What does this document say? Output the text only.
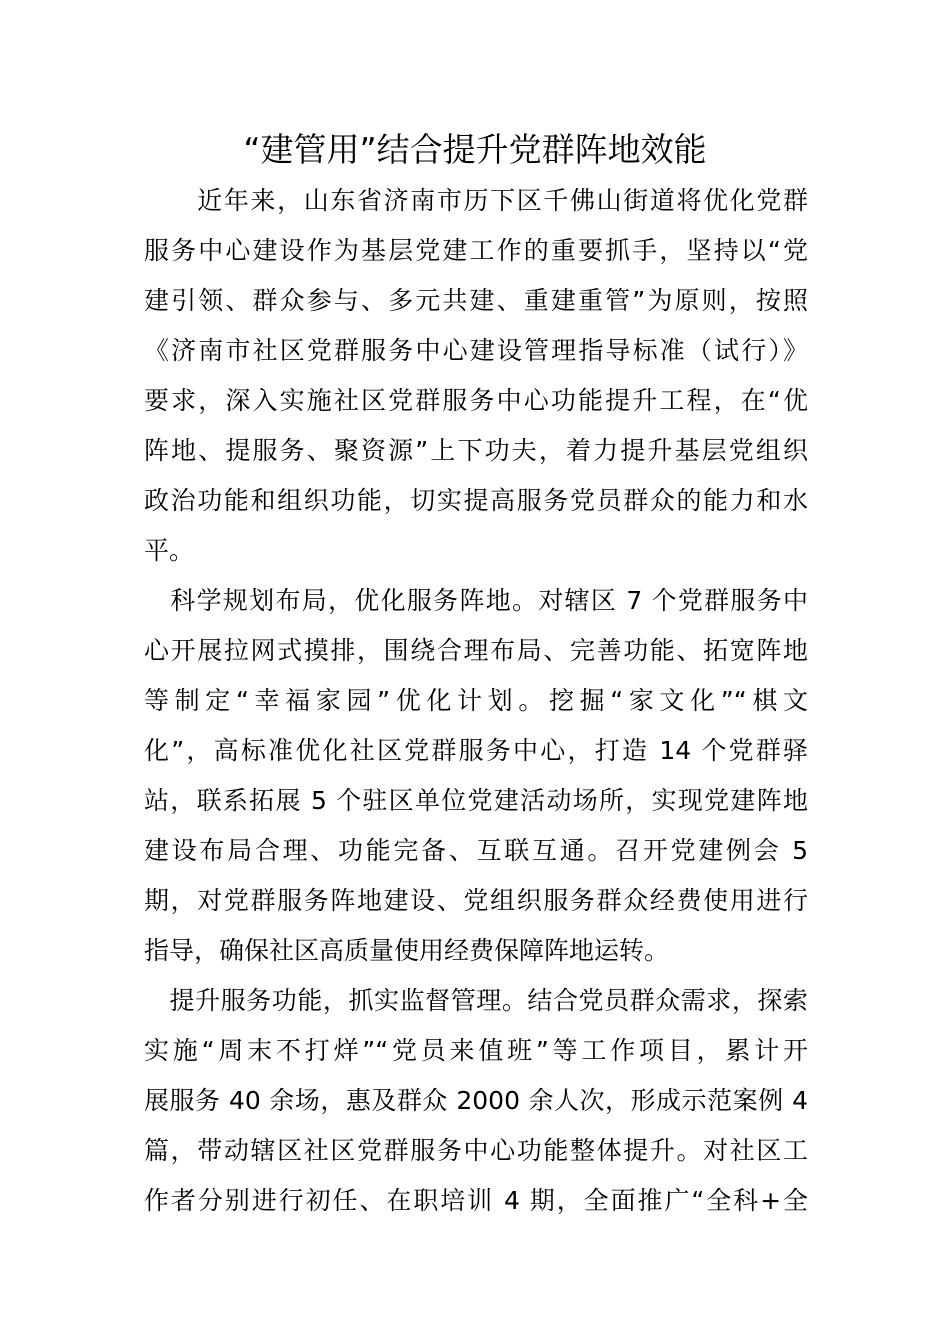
“建管用”结合提升党群阵地效能
　　近年来，山东省济南市历下区千佛山街道将优化党群
服务中心建设作为基层党建工作的重要抓手，坚持以“党
建引领、群众参与、多元共建、重建重管”为原则，按照
《济南市社区党群服务中心建设管理指导标准（试行）》
要求，深入实施社区党群服务中心功能提升工程，在“优
阵地、提服务、聚资源”上下功夫，着力提升基层党组织
政治功能和组织功能，切实提高服务党员群众的能力和水
平。
　科学规划布局，优化服务阵地。对辖区 7 个党群服务中
心开展拉网式摸排，围绕合理布局、完善功能、拓宽阵地
等制定“幸福家园”优化计划。挖掘“家文化”“棋文
化”，高标准优化社区党群服务中心，打造 14 个党群驿
站，联系拓展 5 个驻区单位党建活动场所，实现党建阵地
建设布局合理、功能完备、互联互通。召开党建例会 5
期，对党群服务阵地建设、党组织服务群众经费使用进行
指导，确保社区高质量使用经费保障阵地运转。
　提升服务功能，抓实监督管理。结合党员群众需求，探索
实施“周末不打烊”“党员来值班”等工作项目，累计开
展服务 40 余场，惠及群众 2000 余人次，形成示范案例 4
篇，带动辖区社区党群服务中心功能整体提升。对社区工
作者分别进行初任、在职培训 4 期，全面推广“全科+全
